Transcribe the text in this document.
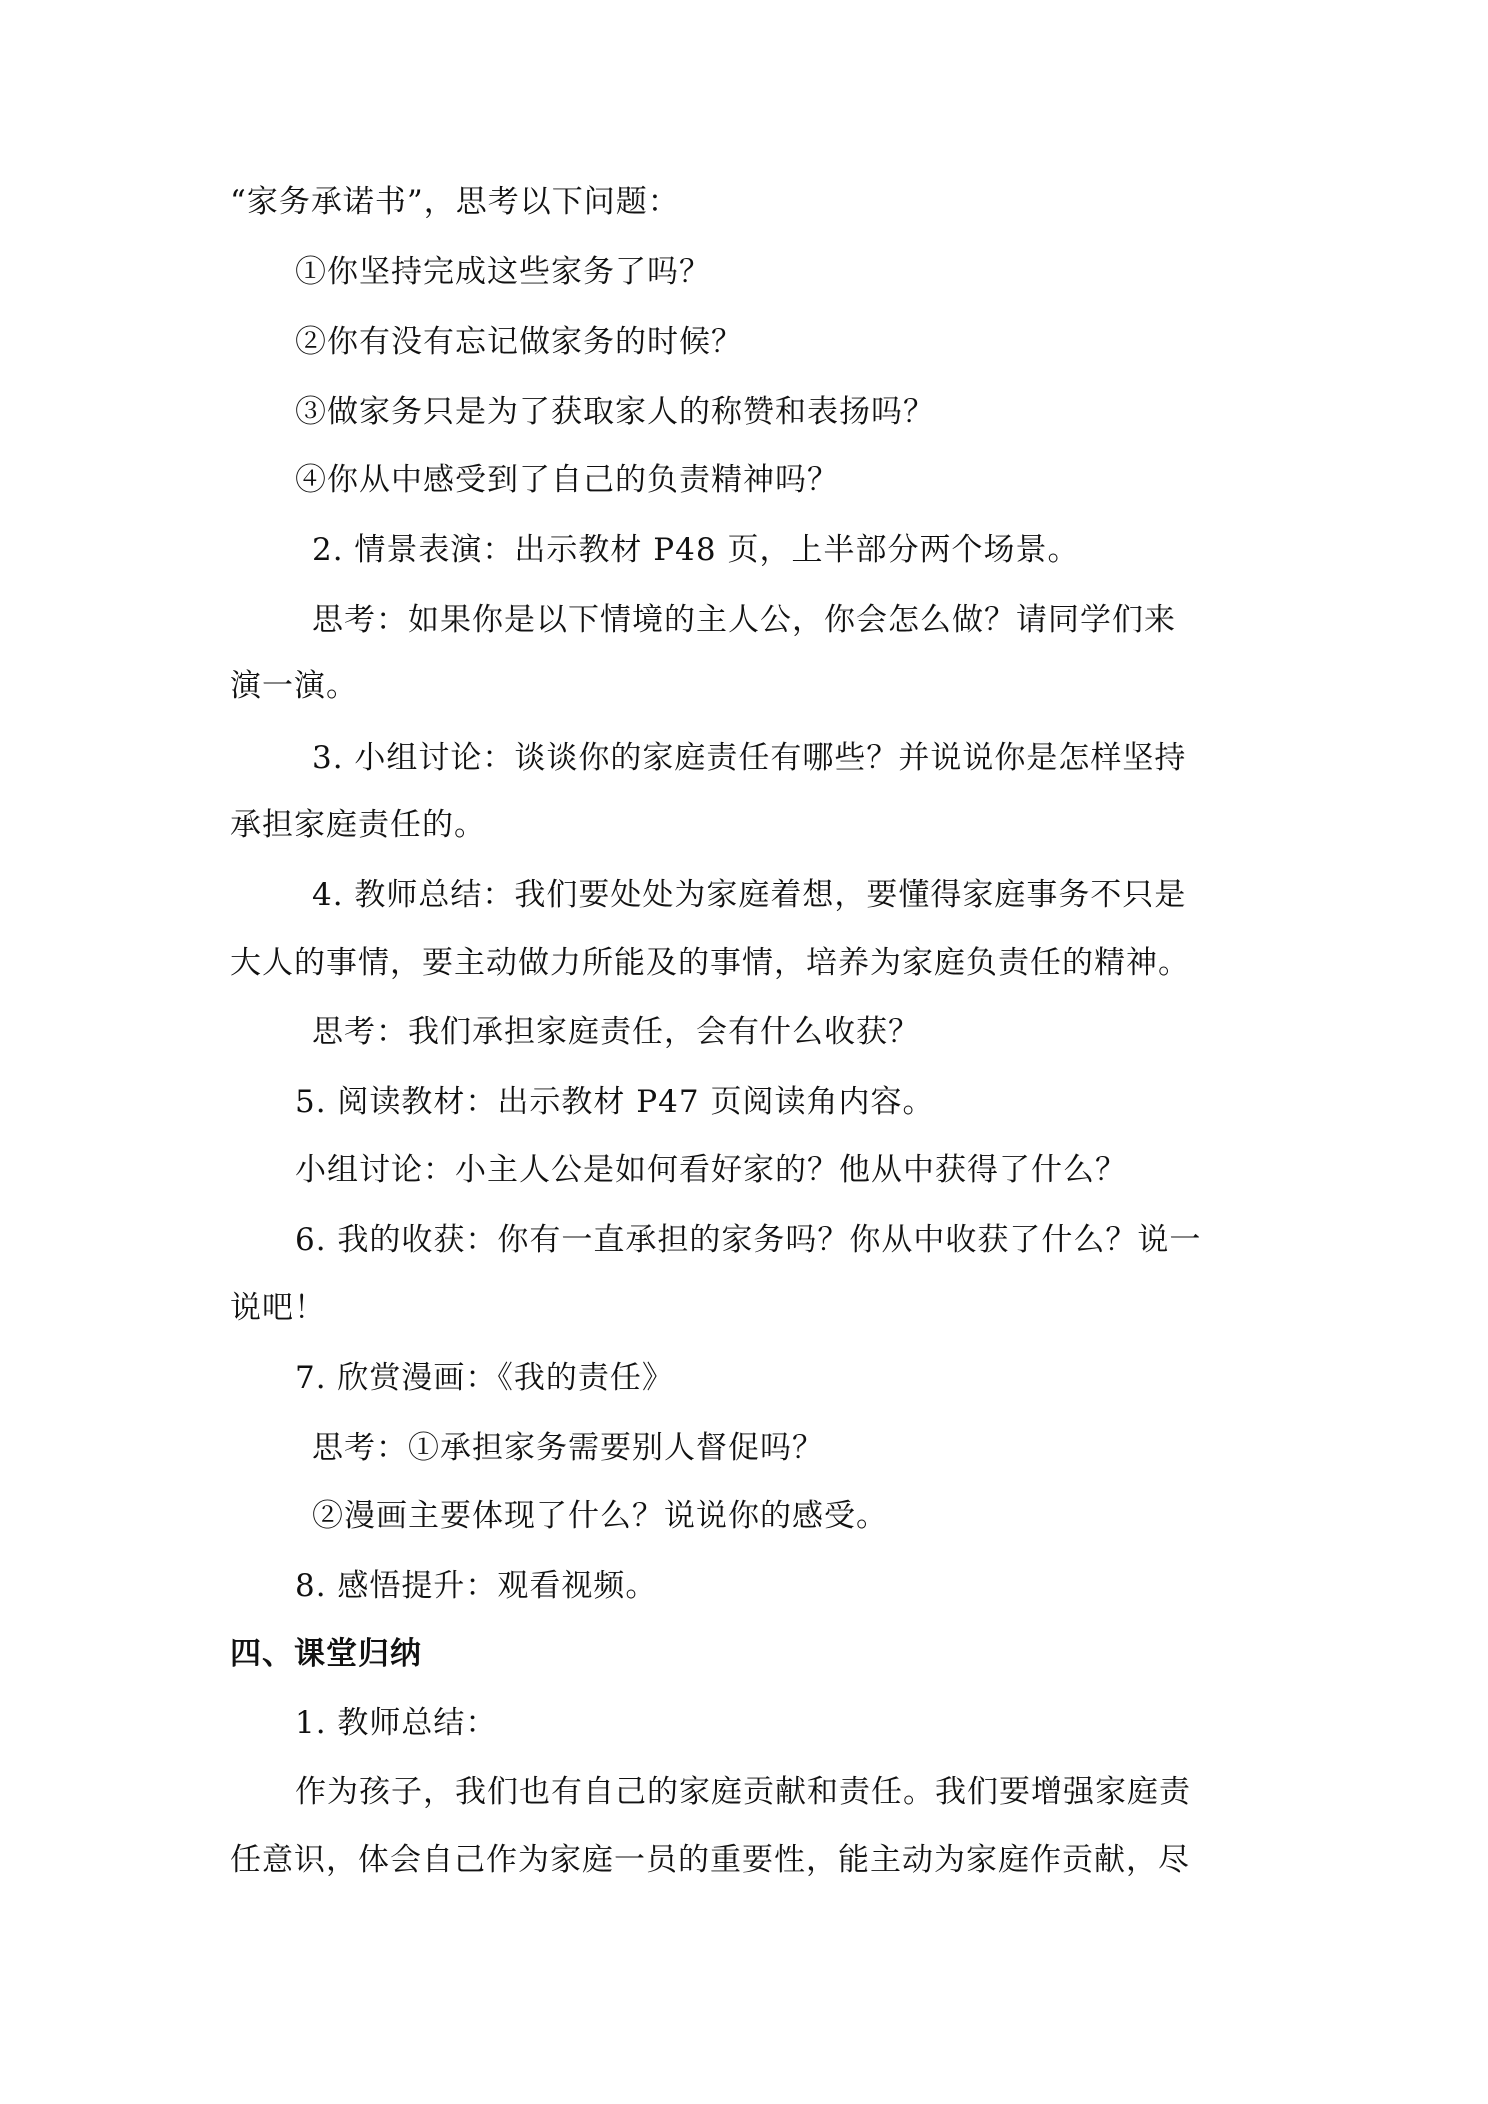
“家务承诺书”，思考以下问题：
①你坚持完成这些家务了吗？
②你有没有忘记做家务的时候？
③做家务只是为了获取家人的称赞和表扬吗？
④你从中感受到了自己的负责精神吗？
2. 情景表演：出示教材 P48 页，上半部分两个场景。
思考：如果你是以下情境的主人公，你会怎么做？请同学们来
演一演。
3. 小组讨论：谈谈你的家庭责任有哪些？并说说你是怎样坚持
承担家庭责任的。
4. 教师总结：我们要处处为家庭着想，要懂得家庭事务不只是
大人的事情，要主动做力所能及的事情，培养为家庭负责任的精神。
思考：我们承担家庭责任，会有什么收获？
5. 阅读教材：出示教材 P47 页阅读角内容。
小组讨论：小主人公是如何看好家的？他从中获得了什么？
6. 我的收获：你有一直承担的家务吗？你从中收获了什么？说一
说吧！
7. 欣赏漫画：《我的责任》
思考：①承担家务需要别人督促吗？
②漫画主要体现了什么？说说你的感受。
8. 感悟提升：观看视频。
四、课堂归纳
1. 教师总结：
作为孩子，我们也有自己的家庭贡献和责任。我们要增强家庭责
任意识，体会自己作为家庭一员的重要性，能主动为家庭作贡献，尽
